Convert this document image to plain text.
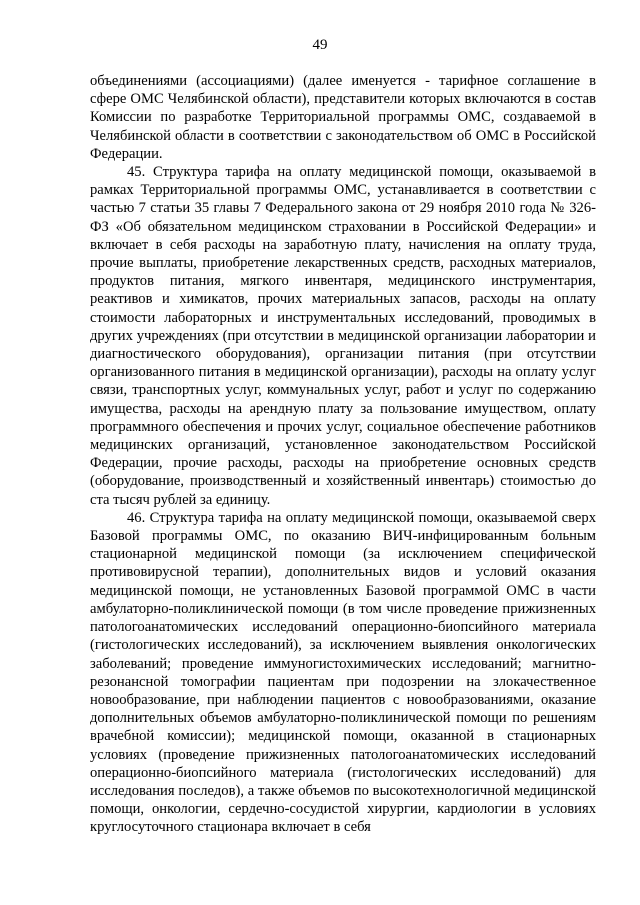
49

объединениями (ассоциациями) (далее именуется - тарифное соглашение в сфере ОМС Челябинской области), представители которых включаются в состав Комиссии по разработке Территориальной программы ОМС, создаваемой в Челябинской области в соответствии с законодательством об ОМС в Российской Федерации.

45. Структура тарифа на оплату медицинской помощи, оказываемой в рамках Территориальной программы ОМС, устанавливается в соответствии с частью 7 статьи 35 главы 7 Федерального закона от 29 ноября 2010 года № 326-ФЗ «Об обязательном медицинском страховании в Российской Федерации» и включает в себя расходы на заработную плату, начисления на оплату труда, прочие выплаты, приобретение лекарственных средств, расходных материалов, продуктов питания, мягкого инвентаря, медицинского инструментария, реактивов и химикатов, прочих материальных запасов, расходы на оплату стоимости лабораторных и инструментальных исследований, проводимых в других учреждениях (при отсутствии в медицинской организации лаборатории и диагностического оборудования), организации питания (при отсутствии организованного питания в медицинской организации), расходы на оплату услуг связи, транспортных услуг, коммунальных услуг, работ и услуг по содержанию имущества, расходы на арендную плату за пользование имуществом, оплату программного обеспечения и прочих услуг, социальное обеспечение работников медицинских организаций, установленное законодательством Российской Федерации, прочие расходы, расходы на приобретение основных средств (оборудование, производственный и хозяйственный инвентарь) стоимостью до ста тысяч рублей за единицу.

46. Структура тарифа на оплату медицинской помощи, оказываемой сверх Базовой программы ОМС, по оказанию ВИЧ-инфицированным больным стационарной медицинской помощи (за исключением специфической противовирусной терапии), дополнительных видов и условий оказания медицинской помощи, не установленных Базовой программой ОМС в части амбулаторно-поликлинической помощи (в том числе проведение прижизненных патологоанатомических исследований операционно-биопсийного материала (гистологических исследований), за исключением выявления онкологических заболеваний; проведение иммуногистохимических исследований; магнитно-резонансной томографии пациентам при подозрении на злокачественное новообразование, при наблюдении пациентов с новообразованиями, оказание дополнительных объемов амбулаторно-поликлинической помощи по решениям врачебной комиссии); медицинской помощи, оказанной в стационарных условиях (проведение прижизненных патологоанатомических исследований операционно-биопсийного материала (гистологических исследований) для исследования последов), а также объемов по высокотехнологичной медицинской помощи, онкологии, сердечно-сосудистой хирургии, кардиологии в условиях круглосуточного стационара включает в себя
